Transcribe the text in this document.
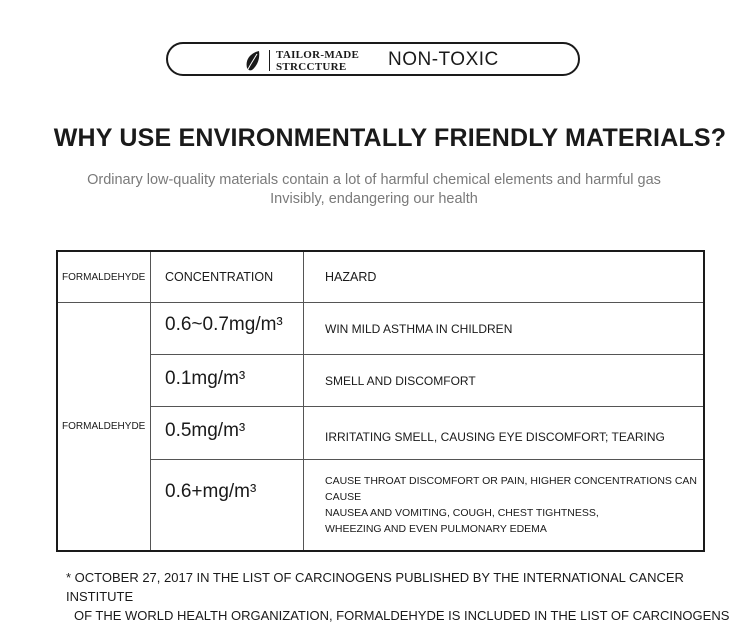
TAILOR-MADE
STRCCTURE	NON-TOXIC
WHY USE ENVIRONMENTALLY FRIENDLY MATERIALS?
Ordinary low-quality materials contain a lot of harmful chemical elements and harmful gas
Invisibly, endangering our health
FORMALDEHYDE	CONCENTRATION	HAZARD

FORMALDEHYDE	0.6~0.7mg/m³	WIN MILD ASTHMA IN CHILDREN

	0.1mg/m³	SMELL AND DISCOMFORT

	0.5mg/m³	IRRITATING SMELL, CAUSING EYE DISCOMFORT; TEARING

	0.6+mg/m³	CAUSE THROAT DISCOMFORT OR PAIN, HIGHER CONCENTRATIONS CAN CAUSE
NAUSEA AND VOMITING, COUGH, CHEST TIGHTNESS,
WHEEZING AND EVEN PULMONARY EDEMA
* OCTOBER 27, 2017 IN THE LIST OF CARCINOGENS PUBLISHED BY THE INTERNATIONAL CANCER INSTITUTE
OF THE WORLD HEALTH ORGANIZATION, FORMALDEHYDE IS INCLUDED IN THE LIST OF CARCINOGENS
